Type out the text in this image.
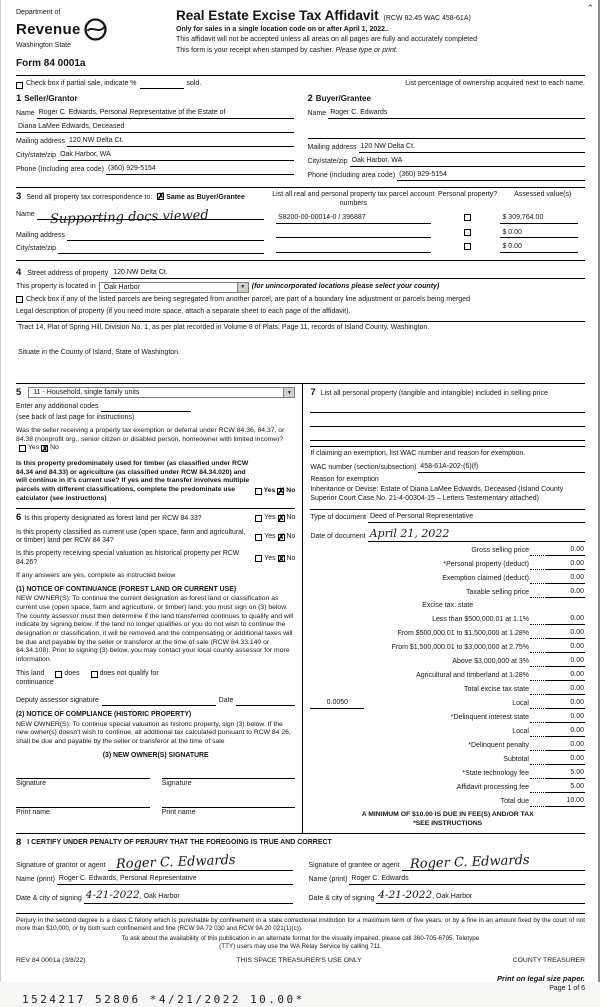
⌃
Department of
Revenue
Washington State
Form 84 0001a
Real Estate Excise Tax Affidavit (RCW 82.45 WAC 458-61A)
Only for sales in a single location code on or after April 1, 2022..
This affidavit will not be accepted unless all areas on all pages are fully and accurately completed
This form is your receipt when stamped by cashier. Please type or print.
Check box if partial sale, indicate %	sold.	List percentage of ownership acquired next to each name.
1 Seller/Grantor
Name Roger C. Edwards, Personal Representative of the Estate of
Diana LaMee Edwards, Deceased
Mailing address 120 NW Delta Ct.
City/state/zip Oak Harbor, WA
Phone (Including area code) (360) 929-5154
2 Buyer/Grantee
Name Roger C. Edwards
Mailing address 120 NW Delta Ct.
City/state/zip Oak Harbor, WA
Phone (including area code) (360) 929-5154
3 Send all property tax correspondence to: ✗ Same as Buyer/Grantee
Name
Mailing address
City/state/zip
Supporting docs viewed
List all real and personal property tax parcel account numbers
Personal property?	Assessed value(s)
S8200-00-00014-0 / 396887	$ 309,764.00
$ 0.00
$ 0.00
4 Street address of property 120 NW Delta Ct.
This property is located in	Oak Harbor	▼ (for unincorporated locations please select your county)
Check box if any of the listed parcels are being segregated from another parcel, are part of a boundary line adjustment or parcels being merged
Legal description of property (if you need more space, attach a separate sheet to each page of the affidavit).
Tract 14, Plat of Spring Hill, Division No. 1, as per plat recorded in Volume 8 of Plats, Page 11, records of Island County, Washington.
Situate in the County of Island, State of Washington.
5	11 - Household, single family units	▼
Enter any additional codes
(see back of last page for instructions)
Was the seller receiving a property tax exemption or deferral under RCW 84.36, 84.37, or 84.38 (nonprofit org., senior citizen or disabled person, homeowner with limited income)?
Yes ✗ No
Is this property predominately used for timber (as classified under RCW 84.34 and 84.33) or agriculture (as classified under RCW 84.34.020) and will continue in it's current use? If yes and the transfer involves multiple parcels with different classifications, complete the predominate use calculator (see instructions)
Yes ✗ No
6 Is this property designated as forest land per RCW 84 33?	Yes ✗ No
Is this property classified as current use (open space, farm and agricultural, or timber) land per RCW 84 34?
Yes ✗ No
Is this property receiving special valuation as historical property per RCW 84.26?
Yes ✗ No
If any answers are yes, complete as instructed below
(1) NOTICE OF CONTINUANCE (FOREST LAND OR CURRENT USE)
NEW OWNER(S): To continue the current designation as forest land or classification as current use (open space, farm and agriculture, or timber) land, you must sign on (3) below. The county assessor must then determine if the land transferred continues to qualify and will indicate by signing below. If the land no longer qualifies or you do not wish to continue the designation or classification, it will be removed and the compensating or additional taxes will be due and payable by the seller or transferor at the time of sale (RCW 84.33.140 or 84.34.108). Prior to signing (3) below, you may contact your local county assessor for more information.
This land	does	does not qualify for
continuance
Deputy assessor signature	Date
(2) NOTICE OF COMPLIANCE (HISTORIC PROPERTY)
NEW OWNER(S): To continue special valuation as historic property, sign (3) below. If the new owner(s) doesn't wish to continue, all additional tax calculated pursuant to RCW 84 26, shall be due and payable by the seller or transferor at the time of sale
(3) NEW OWNER(S) SIGNATURE
Signature	Signature
Print name	Print name
7 List all personal property (tangible and intangible) included in selling price
If claiming an exemption, list WAC number and reason for exemption.
WAC number (section/subsection) 458-61A-202-(6)(f)
Reason for exemption
Inheritance or Devise: Estate of Diana LaMee Edwards, Deceased (Island County Superior Court Case No. 21-4-00304-15 – Letters Testementary attached)
Type of document Deed of Personal Representative
Date of document April 21, 2022
Gross selling price	0.00
*Personal property (deduct)	0.00
Exemption claimed (deduct)	0.00
Taxable selling price	0.00
Excise tax: state
Less than $500,000.01 at 1.1%	0.00
From $500,000.01 to $1,500,000 at 1.28%	0.00
From $1,500,000.01 to $3,000,000 at 2.75%	0.00
Above $3,000,000 at 3%	0.00
Agricultural and timberland at 1.28%	0.00
Total excise tax state	0.00
0.0050	Local	0.00
*Delinquent interest state	0.00
Local	0.00
*Delinquent penalty	0.00
Subtotal	0.00
*State technology fee	5.00
Affidavit processing fee	5.00
Total due	10.00
A MINIMUM OF $10.00 IS DUE IN FEE(S) AND/OR TAX
*SEE INSTRUCTIONS
8 I CERTIFY UNDER PENALTY OF PERJURY THAT THE FOREGOING IS TRUE AND CORRECT
Signature of grantor or agent Roger C. Edwards
Name (print) Roger C. Edwards, Personal Representative
Date & city of signing 4-21-2022, Oak Harbor
Signature of grantee or agent Roger C. Edwards
Name (print) Roger C. Edwards
Date & city of signing 4-21-2022, Oak Harbor
Perjury in the second degree is a class C felony which is punishable by confinement in a state correctional institution for a maximum term of five years, or by a fine in an amount fixed by the court of not more than $10,000, or by both such confinement and fine (RCW 9A 72 030 and RCW 9A 20 021(1)(c)).
To ask about the availability of this publication in an alternate format for the visually impaired, please call 360-705-6705. Teletype
(TTY) users may use the WA Relay Service by calling 711.
REV 84 0001a (3/8/22)	THIS SPACE TREASURER'S USE ONLY	COUNTY TREASURER
Print on legal size paper.
Page 1 of 6
1524217 52806 *4/21/2022 10.00*
